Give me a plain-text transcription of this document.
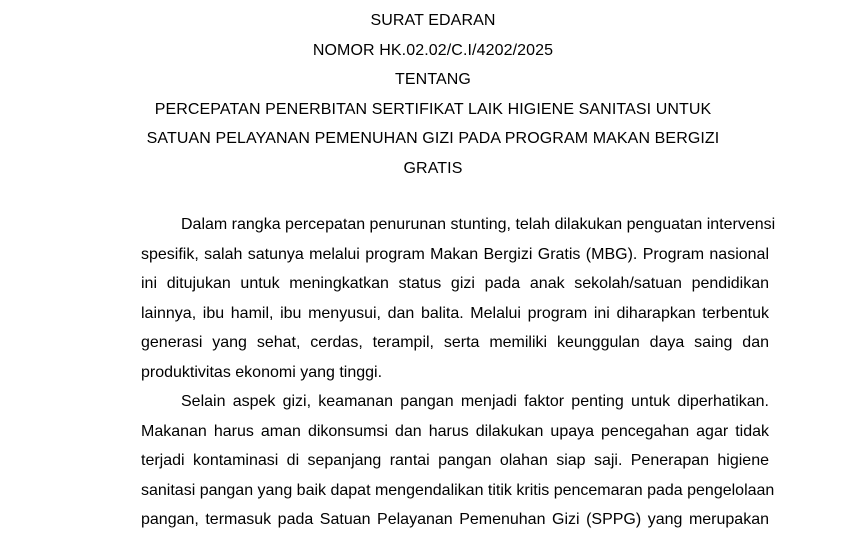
SURAT EDARAN
NOMOR HK.02.02/C.I/4202/2025
TENTANG
PERCEPATAN PENERBITAN SERTIFIKAT LAIK HIGIENE SANITASI UNTUK
SATUAN PELAYANAN PEMENUHAN GIZI PADA PROGRAM MAKAN BERGIZI
GRATIS
Dalam rangka percepatan penurunan stunting, telah dilakukan penguatan intervensi
spesifik, salah satunya melalui program Makan Bergizi Gratis (MBG). Program nasional
ini ditujukan untuk meningkatkan status gizi pada anak sekolah/satuan pendidikan
lainnya, ibu hamil, ibu menyusui, dan balita. Melalui program ini diharapkan terbentuk
generasi yang sehat, cerdas, terampil, serta memiliki keunggulan daya saing dan
produktivitas ekonomi yang tinggi.
Selain aspek gizi, keamanan pangan menjadi faktor penting untuk diperhatikan.
Makanan harus aman dikonsumsi dan harus dilakukan upaya pencegahan agar tidak
terjadi kontaminasi di sepanjang rantai pangan olahan siap saji. Penerapan higiene
sanitasi pangan yang baik dapat mengendalikan titik kritis pencemaran pada pengelolaan
pangan, termasuk pada Satuan Pelayanan Pemenuhan Gizi (SPPG) yang merupakan
